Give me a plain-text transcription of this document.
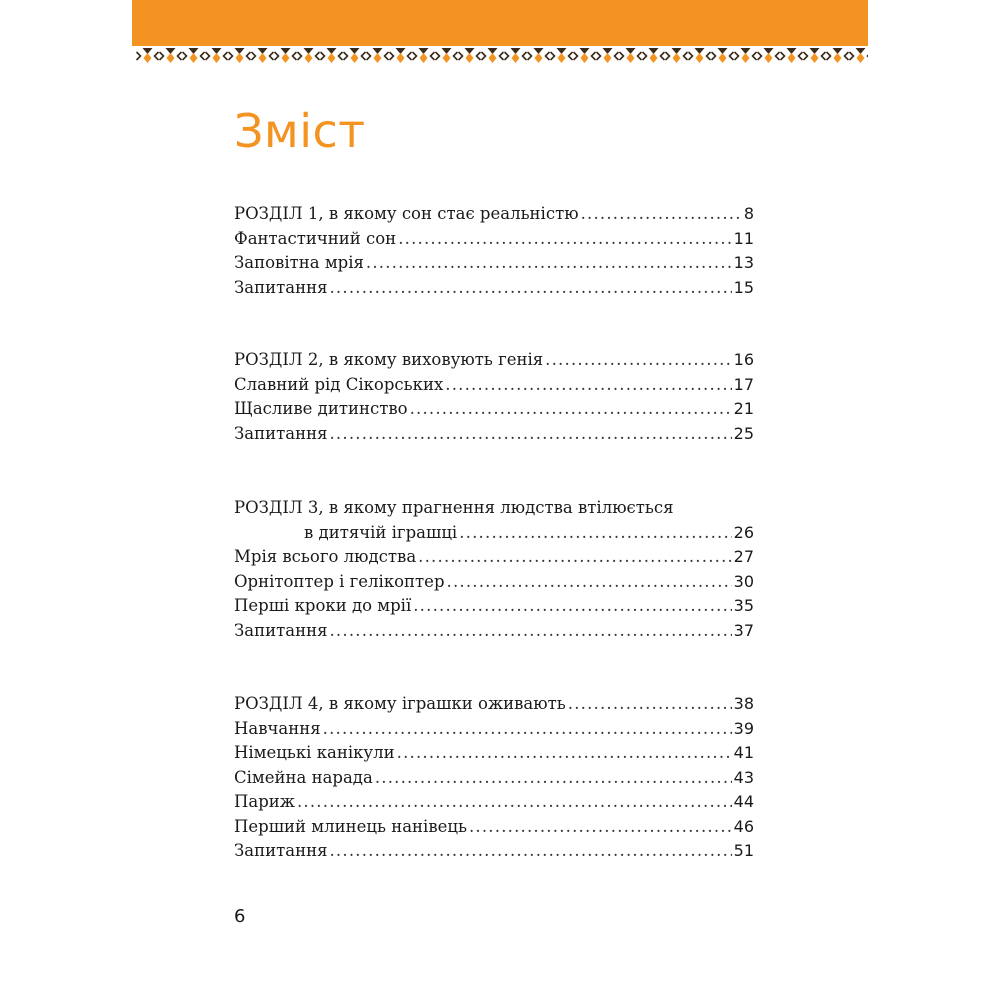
Зміст
РОЗДІЛ 1, в якому сон стає реальністю .....	8
Фантастичний сон .....	11
Заповітна мрія .....	13
Запитання .....	15
РОЗДІЛ 2, в якому виховують генія .....	16
Славний рід Сікорських .....	17
Щасливе дитинство .....	21
Запитання .....	25
РОЗДІЛ 3, в якому прагнення людства втілюється
в дитячій іграшці .....	26
Мрія всього людства .....	27
Орнітоптер і гелікоптер .....	30
Перші кроки до мрії .....	35
Запитання .....	37
РОЗДІЛ 4, в якому іграшки оживають .....	38
Навчання .....	39
Німецькі канікули .....	41
Сімейна нарада .....	43
Париж .....	44
Перший млинець нанівець .....	46
Запитання .....	51
6
